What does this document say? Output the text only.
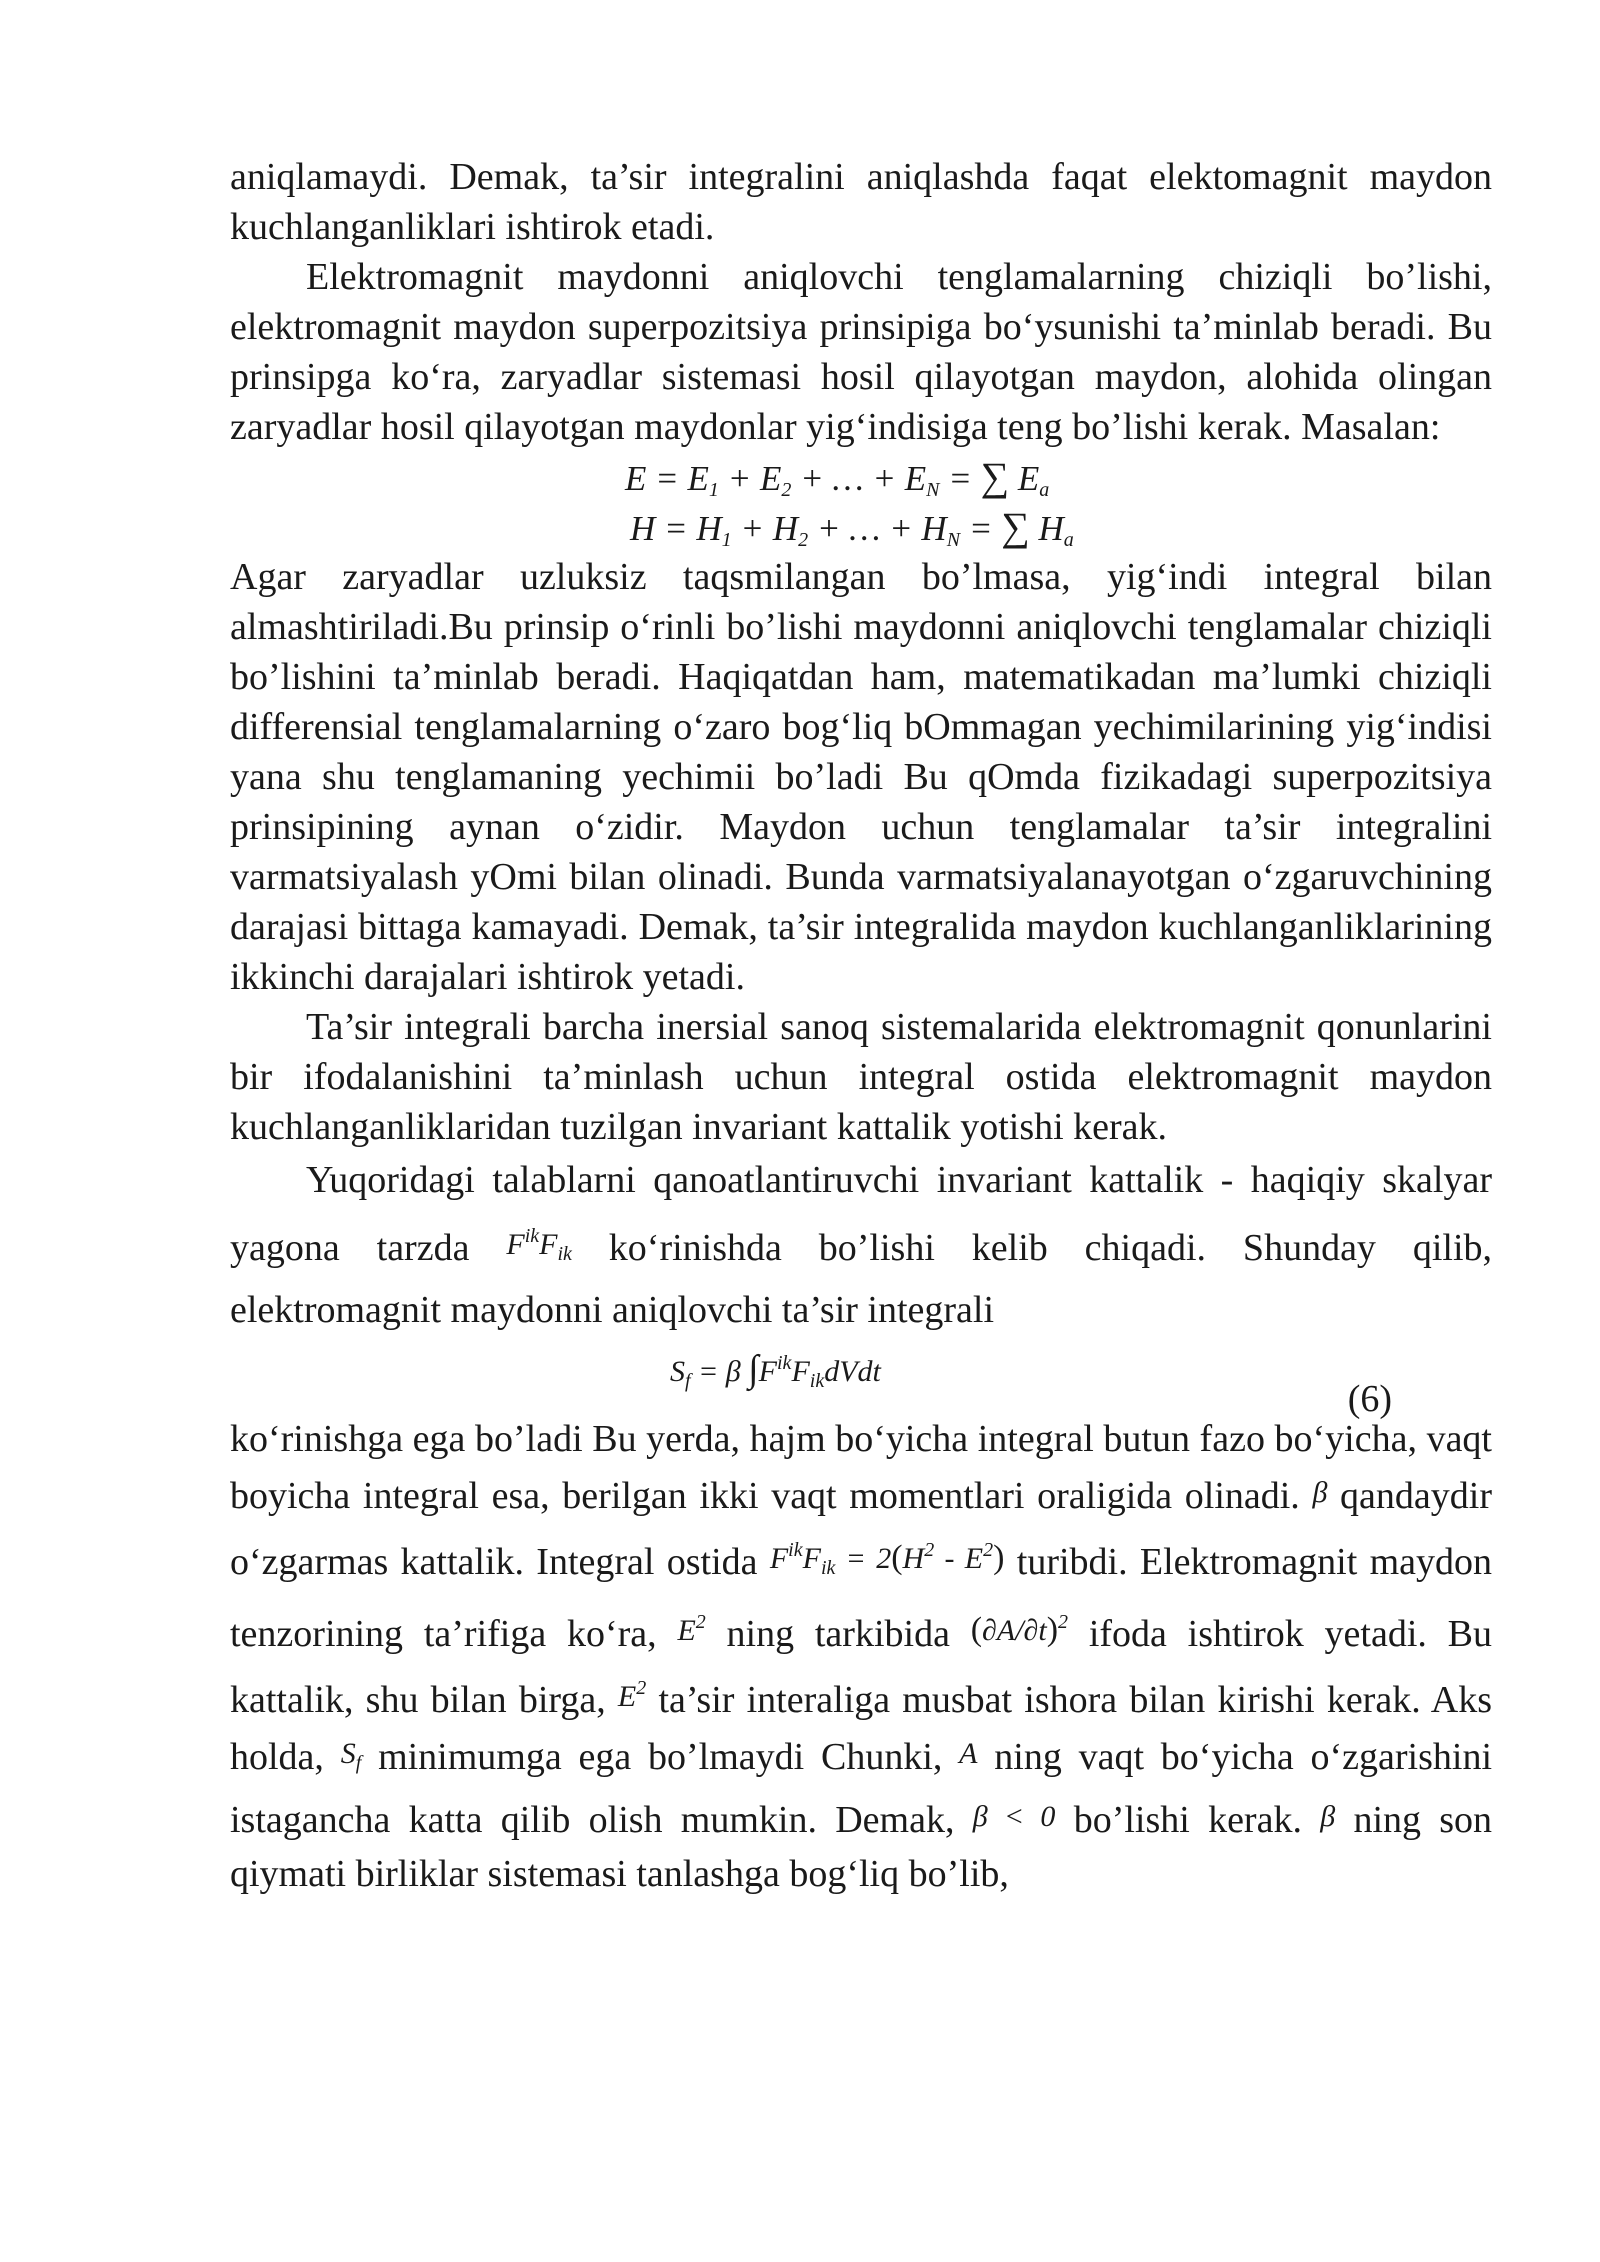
aniqlamaydi. Demak, ta’sir integralini aniqlashda faqat elektomagnit maydon kuchlanganliklari ishtirok etadi.

Elektromagnit maydonni aniqlovchi tenglamalarning chiziqli bo’lishi, elektromagnit maydon superpozitsiya prinsipiga bo‘ysunishi ta’minlab beradi. Bu prinsipga ko‘ra, zaryadlar sistemasi hosil qilayotgan maydon, alohida olingan zaryadlar hosil qilayotgan maydonlar yig‘indisiga teng bo’lishi kerak. Masalan:

$E = E_1 + E_2$ + … + $E_N$ = ∑ $E_a$
$H = H_1 + H_2$ + … + $H_N$ = ∑ $H_a$

Agar zaryadlar uzluksiz taqsmilangan bo’lmasa, yig‘indi integral bilan almashtiriladi.Bu prinsip o‘rinli bo’lishi maydonni aniqlovchi tenglamalar chiziqli bo’lishini ta’minlab beradi. Haqiqatdan ham, matematikadan ma’lumki chiziqli differensial tenglamalarning o‘zaro bog‘liq bOmmagan yechimilarining yig‘indisi yana shu tenglamaning yechimii bo’ladi Bu qOmda fizikadagi superpozitsiya prinsipining aynan o‘zidir. Maydon uchun tenglamalar ta’sir integralini varmatsiyalash yOmi bilan olinadi. Bunda varmatsiyalanayotgan o‘zgaruvchining darajasi bittaga kamayadi. Demak, ta’sir integralida maydon kuchlanganliklarining ikkinchi darajalari ishtirok yetadi.

Ta’sir integrali barcha inersial sanoq sistemalarida elektromagnit qonunlarini bir ifodalanishini ta’minlash uchun integral ostida elektromagnit maydon kuchlanganliklaridan tuzilgan invariant kattalik yotishi kerak.

Yuqoridagi talablarni qanoatlantiruvchi invariant kattalik - haqiqiy skalyar yagona tarzda $F^{ik}F_{ik}$ ko‘rinishda bo’lishi kelib chiqadi. Shunday qilib, elektromagnit maydonni aniqlovchi ta’sir integrali

$S_f = \beta$ $\int F^{ik}F_{ik}dVdt$
(6)

ko‘rinishga ega bo’ladi Bu yerda, hajm bo‘yicha integral butun fazo bo‘yicha, vaqt boyicha integral esa, berilgan ikki vaqt momentlari oraligida olinadi. β qandaydir o‘zgarmas kattalik. Integral ostida $F^{ik}F_{ik} = 2(H^2 - E^2)$ turibdi. Elektromagnit maydon tenzorining ta’rifiga ko‘ra, $E^2$ ning tarkibida $(\partial A/\partial t)^2$ ifoda ishtirok yetadi. Bu kattalik, shu bilan birga, $E^2$ ta’sir interaliga musbat ishora bilan kirishi kerak. Aks holda, $S_f$ minimumga ega bo’lmaydi Chunki, A ning vaqt bo‘yicha o‘zgarishini istagancha katta qilib olish mumkin. Demak, β < 0 bo’lishi kerak. β ning son qiymati birliklar sistemasi tanlashga bog‘liq bo’lib,
